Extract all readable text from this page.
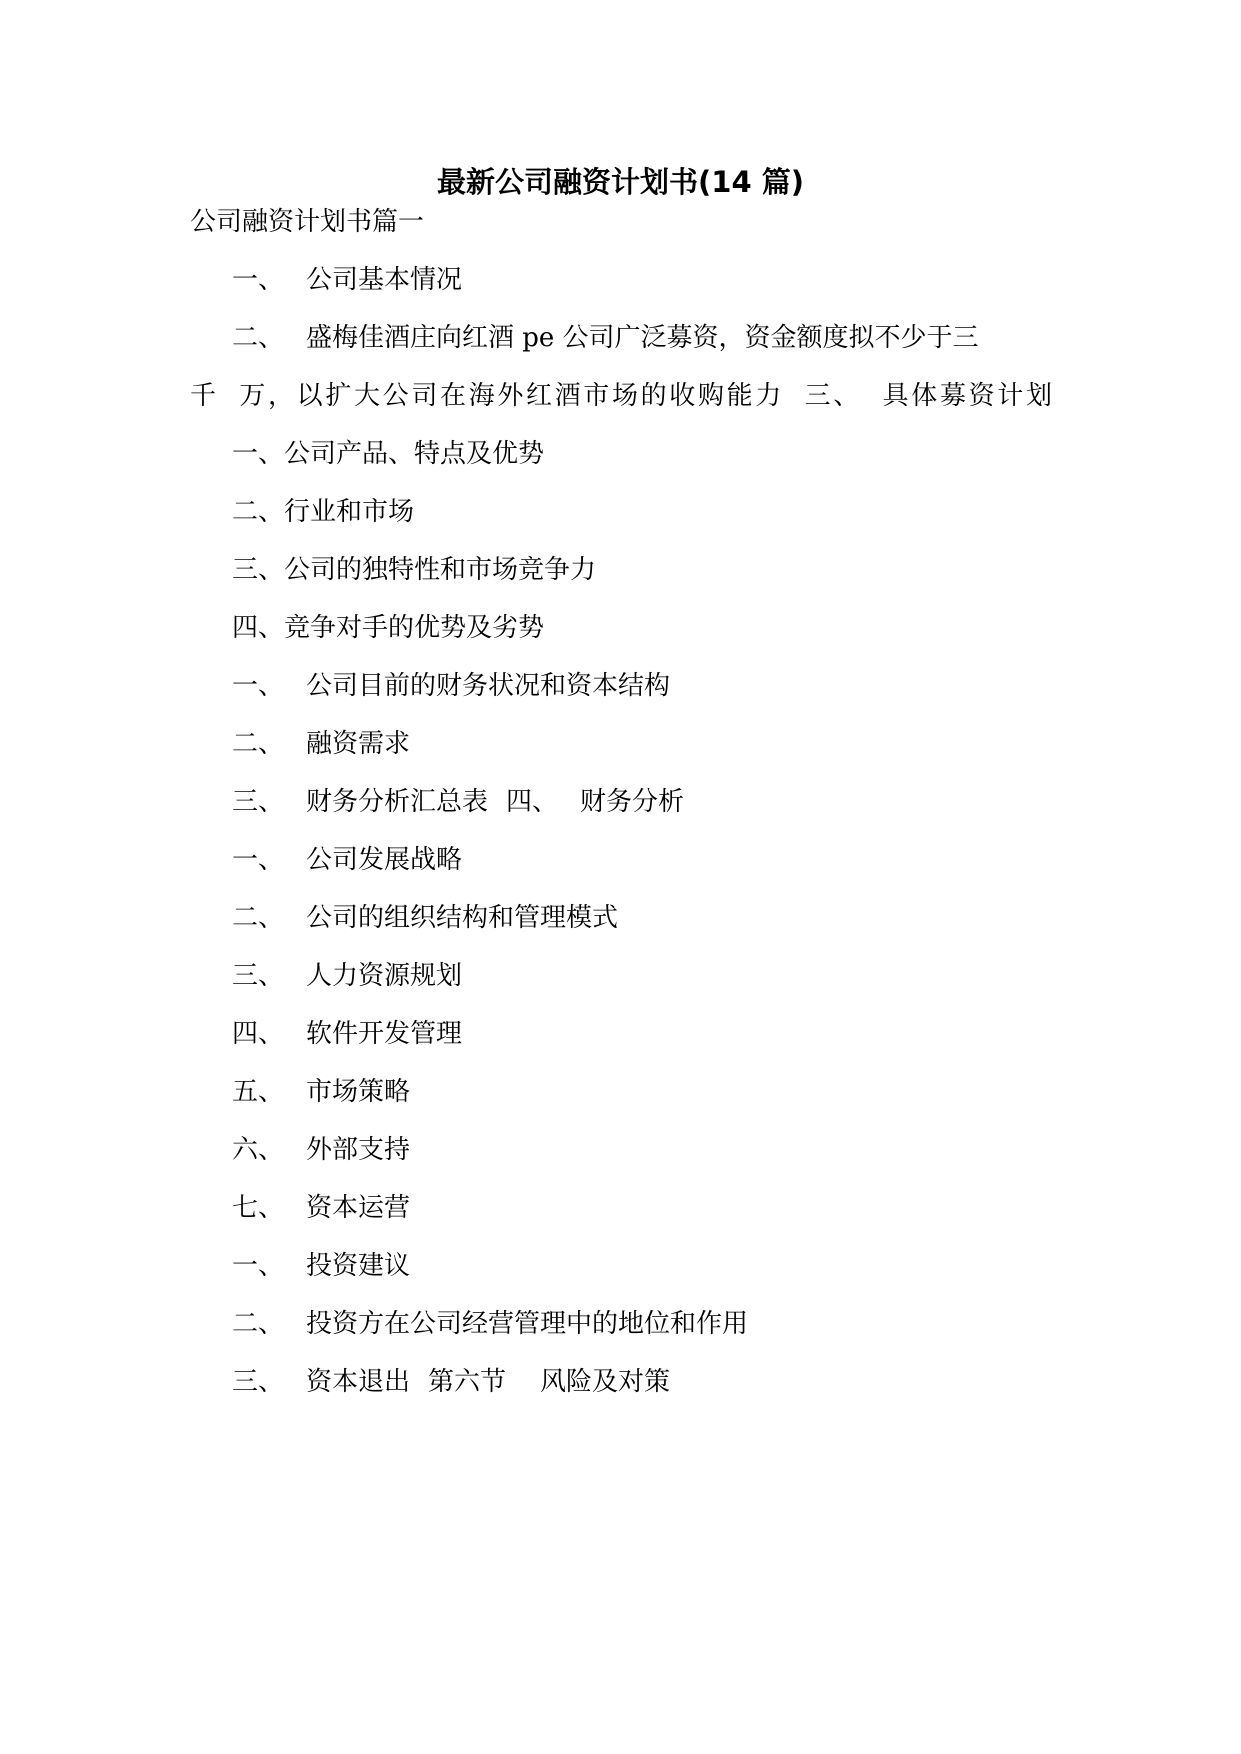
最新公司融资计划书(14 篇)
公司融资计划书篇一
一、 公司基本情况
二、 盛梅佳酒庄向红酒 pe 公司广泛募资，资金额度拟不少于三
千 万，以扩大公司在海外红酒市场的收购能力 三、 具体募资计划
一、公司产品、特点及优势
二、行业和市场
三、公司的独特性和市场竞争力
四、竞争对手的优势及劣势
一、 公司目前的财务状况和资本结构
二、 融资需求
三、 财务分析汇总表 四、 财务分析
一、 公司发展战略
二、 公司的组织结构和管理模式
三、 人力资源规划
四、 软件开发管理
五、 市场策略
六、 外部支持
七、 资本运营
一、 投资建议
二、 投资方在公司经营管理中的地位和作用
三、 资本退出 第六节 风险及对策
